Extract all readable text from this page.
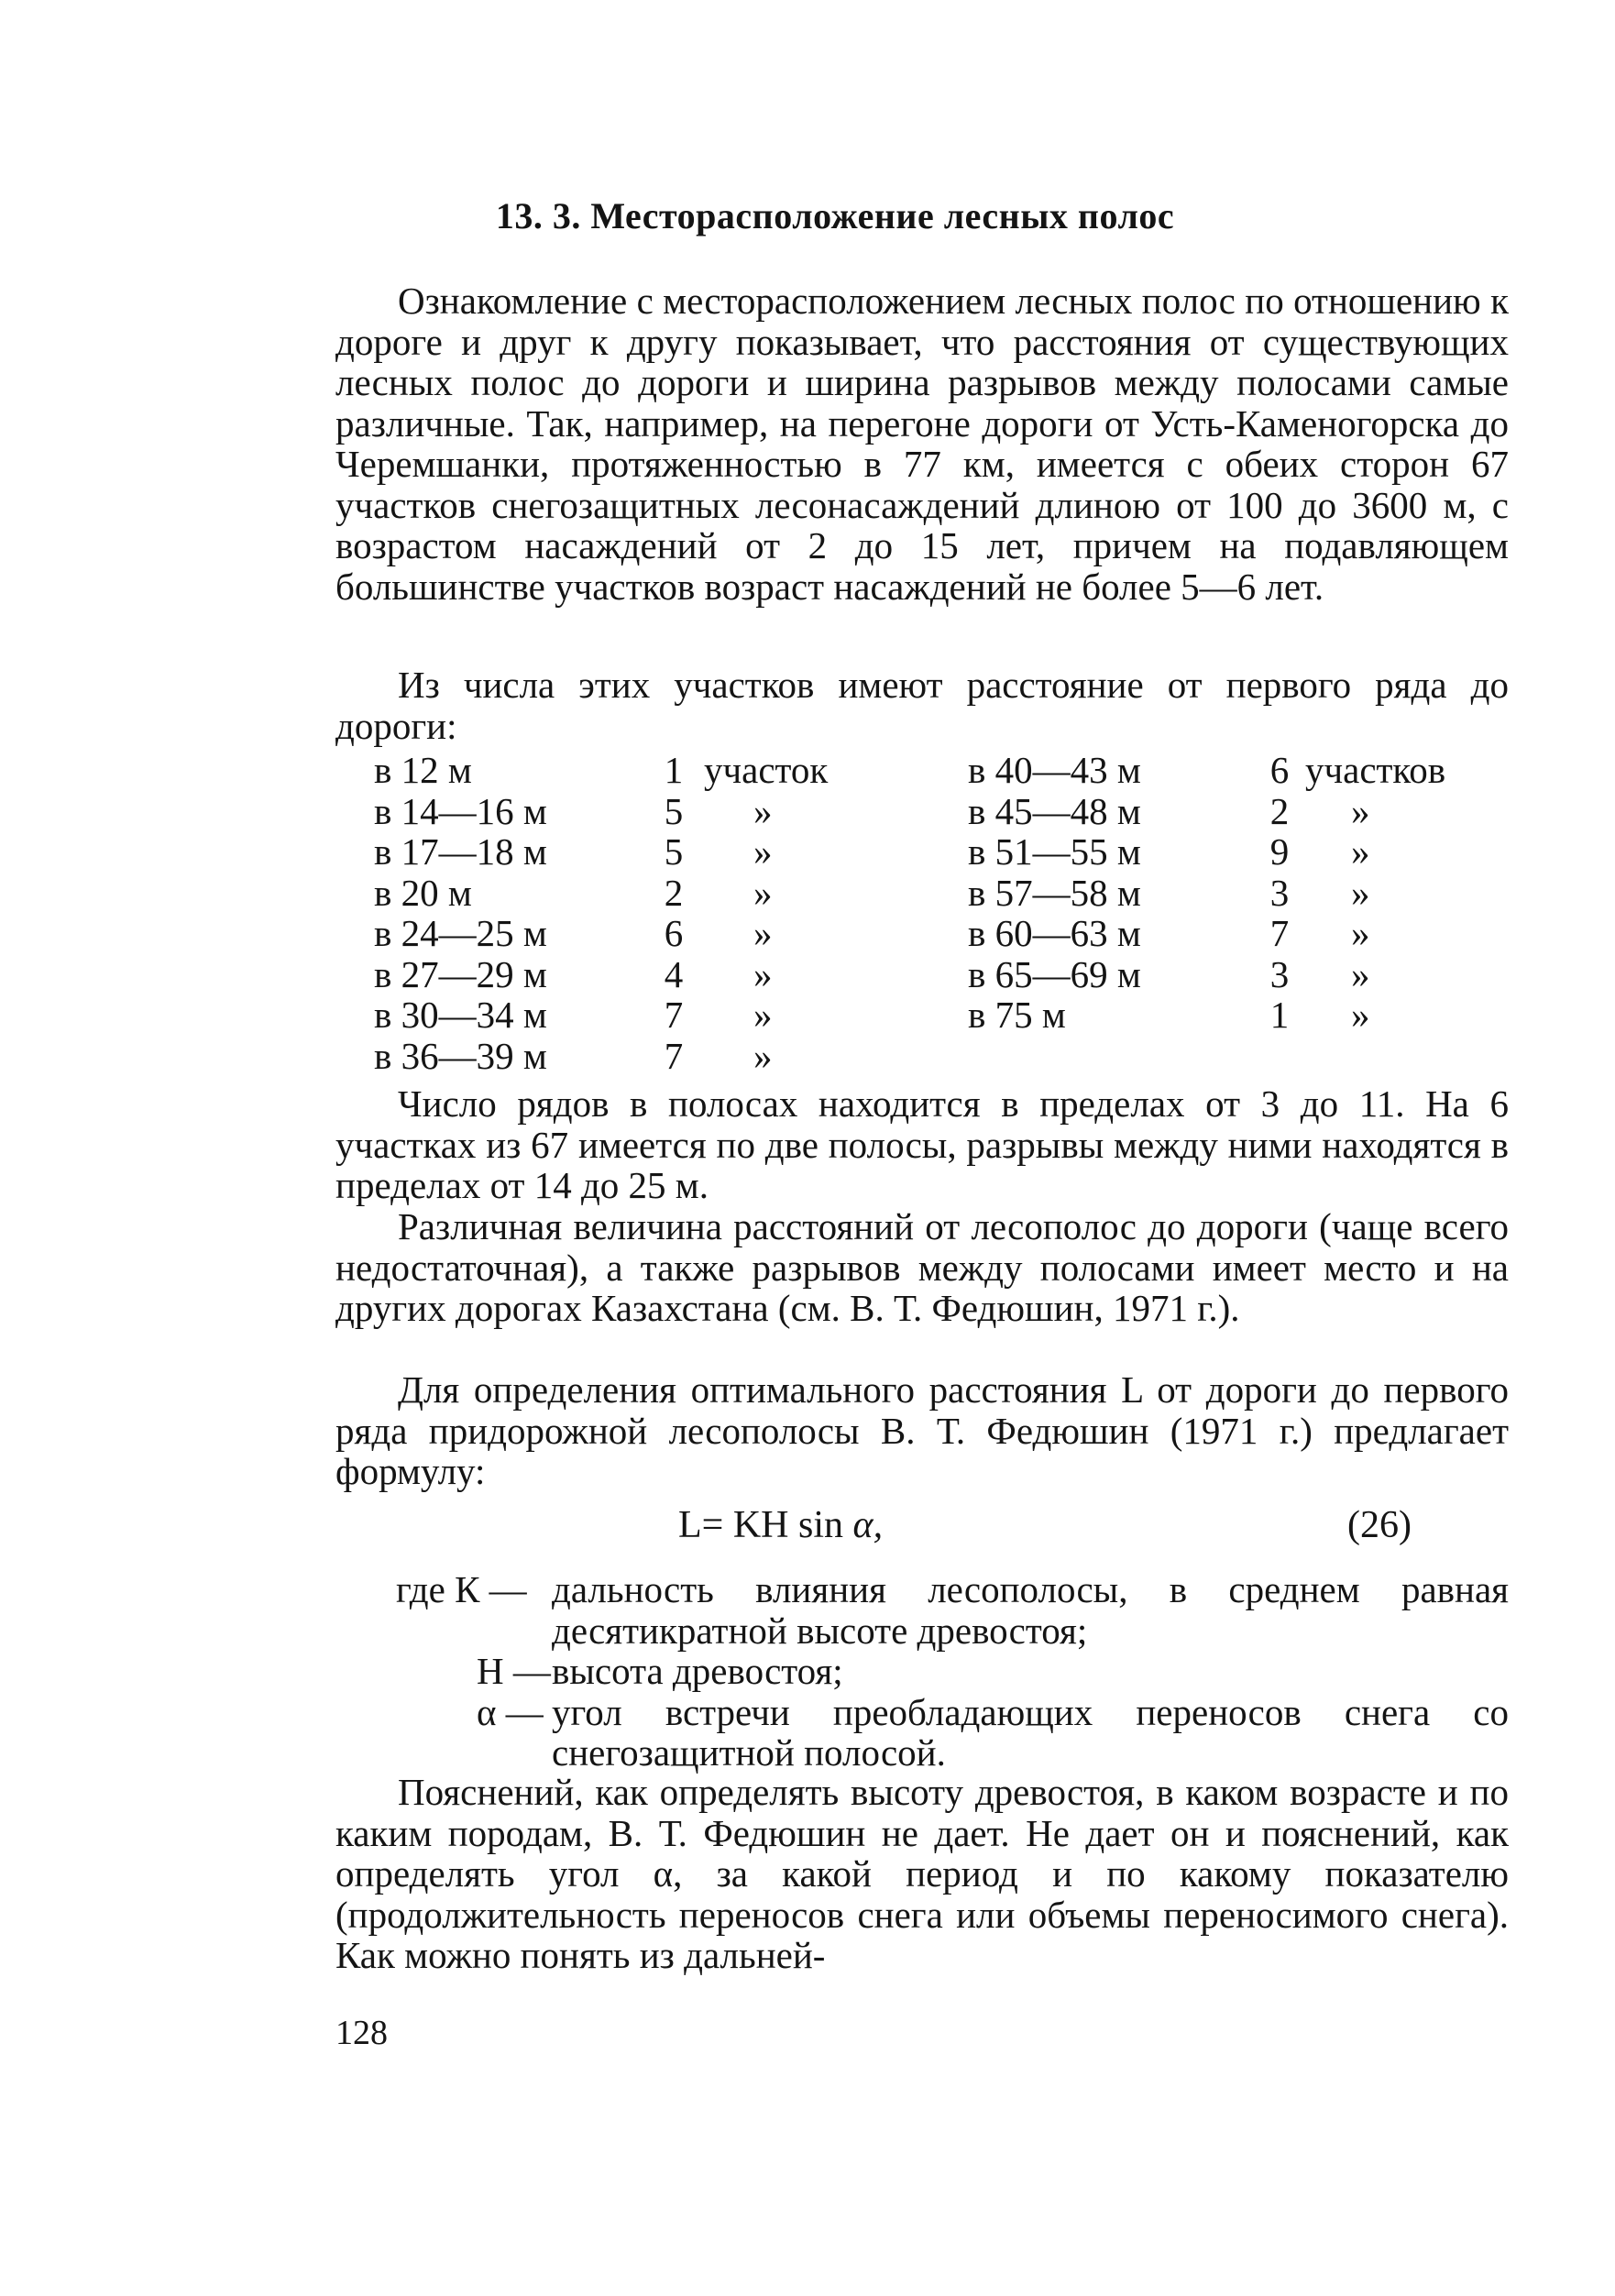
13. 3. Месторасположение лесных полос

Ознакомление с месторасположением лесных полос по отношению к дороге и друг к другу показывает, что расстояния от существующих лесных полос до дороги и ширина разрывов между полосами самые различные. Так, например, на перегоне дороги от Усть-Каменогорска до Черемшанки, протяженностью в 77 км, имеется с обеих сторон 67 участков снегозащитных лесонасаждений длиною от 100 до 3600 м, с возрастом насаждений от 2 до 15 лет, причем на подавляющем большинстве участков возраст насаждений не более 5—6 лет.

Из числа этих участков имеют расстояние от первого ряда до дороги:

в 12 м
в 14—16 м
в 17—18 м
в 20 м
в 24—25 м
в 27—29 м
в 30—34 м
в 36—39 м
1
5
5
2
6
4
7
7
участок
»
»
»
»
»
»
»
в 40—43 м
в 45—48 м
в 51—55 м
в 57—58 м
в 60—63 м
в 65—69 м
в 75 м
6
2
9
3
7
3
1
участков
»
»
»
»
»
»

Число рядов в полосах находится в пределах от 3 до 11. На 6 участках из 67 имеется по две полосы, разрывы между ними находятся в пределах от 14 до 25 м.

Различная величина расстояний от лесополос до дороги (чаще всего недостаточная), а также разрывов между полосами имеет место и на других дорогах Казахстана (см. В. Т. Федюшин, 1971 г.).

Для определения оптимального расстояния L от дороги до первого ряда придорожной лесополосы В. Т. Федюшин (1971 г.) предлагает формулу:

L= KH sin α,	(26)
где К — дальность влияния лесополосы, в среднем равная десятикратной высоте древостоя;
Н — высота древостоя;
α — угол встречи преобладающих переносов снега со снегозащитной полосой.

Пояснений, как определять высоту древостоя, в каком возрасте и по каким породам, В. Т. Федюшин не дает. Не дает он и пояснений, как определять угол α, за какой период и по какому показателю (продолжительность переносов снега или объемы переносимого снега). Как можно понять из дальней-

128
